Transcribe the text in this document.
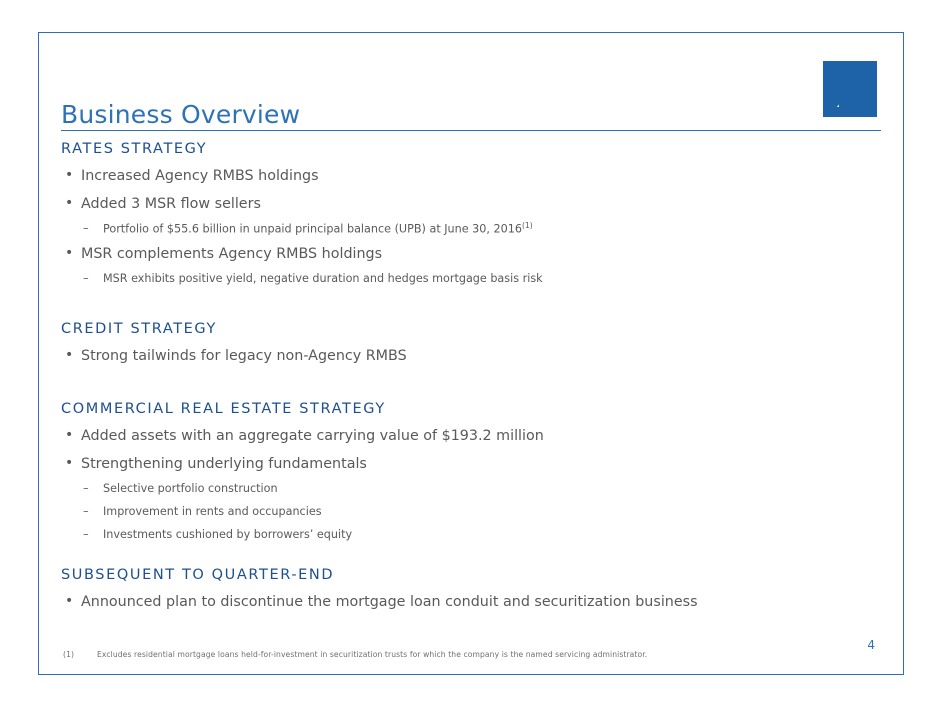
Business Overview
RATES STRATEGY
• Increased Agency RMBS holdings
• Added 3 MSR flow sellers
– Portfolio of $55.6 billion in unpaid principal balance (UPB) at June 30, 2016$^{(1)}$
• MSR complements Agency RMBS holdings
– MSR exhibits positive yield, negative duration and hedges mortgage basis risk
CREDIT STRATEGY
• Strong tailwinds for legacy non-Agency RMBS
COMMERCIAL REAL ESTATE STRATEGY
• Added assets with an aggregate carrying value of $193.2 million
• Strengthening underlying fundamentals
– Selective portfolio construction
– Improvement in rents and occupancies
– Investments cushioned by borrowers’ equity
SUBSEQUENT TO QUARTER-END
• Announced plan to discontinue the mortgage loan conduit and securitization business
(1)	Excludes residential mortgage loans held-for-investment in securitization trusts for which the company is the named servicing administrator.
4
